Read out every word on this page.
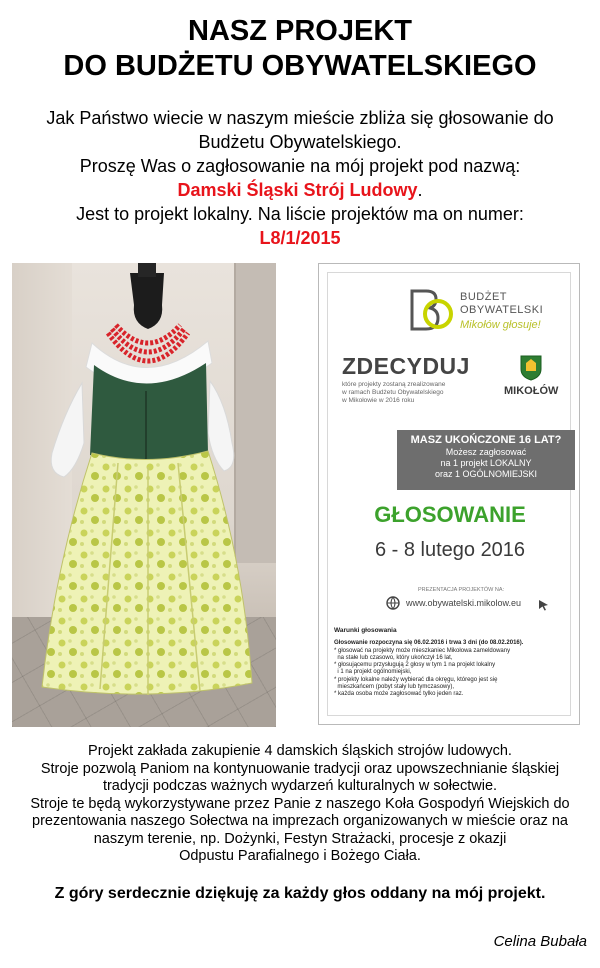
NASZ PROJEKT
DO BUDŻETU OBYWATELSKIEGO
Jak Państwo wiecie w naszym mieście zbliża się głosowanie do
Budżetu Obywatelskiego.
Proszę Was o zagłosowanie na mój projekt pod nazwą:
Damski Śląski Strój Ludowy.
Jest to projekt lokalny. Na liście projektów ma on numer:
L8/1/2015
BUDŻET
OBYWATELSKI
Mikołów głosuje!
ZDECYDUJ
które projekty zostaną zrealizowane
w ramach Budżetu Obywatelskiego
w Mikołowie w 2016 roku
MIKOŁÓW
MASZ UKOŃCZONE 16 LAT?
Możesz zagłosować
na 1 projekt LOKALNY
oraz 1 OGÓLNOMIEJSKI
GŁOSOWANIE
6 - 8 lutego 2016
PREZENTACJA PROJEKTÓW NA:
www.obywatelski.mikolow.eu
Warunki głosowania
Głosowanie rozpoczyna się 06.02.2016 i trwa 3 dni (do 08.02.2016).
* głosować na projekty może mieszkaniec Mikołowa zameldowany
na stałe lub czasowo, który ukończył 16 lat,
* głosującemu przysługują 2 głosy w tym 1 na projekt lokalny
i 1 na projekt ogólnomiejski,
* projekty lokalne należy wybierać dla okręgu, którego jest się
mieszkańcem (pobyt stały lub tymczasowy),
* każda osoba może zagłosować tylko jeden raz.
Projekt zakłada zakupienie 4 damskich śląskich strojów ludowych.
Stroje pozwolą Paniom na kontynuowanie tradycji oraz upowszechnianie śląskiej
tradycji podczas ważnych wydarzeń kulturalnych w sołectwie.
Stroje te będą wykorzystywane przez Panie z naszego Koła Gospodyń Wiejskich do
prezentowania naszego Sołectwa na imprezach organizowanych w mieście oraz na
naszym terenie, np. Dożynki, Festyn Strażacki, procesje z okazji
Odpustu Parafialnego i Bożego Ciała.
Z góry serdecznie dziękuję za każdy głos oddany na mój projekt.
Celina Bubała
